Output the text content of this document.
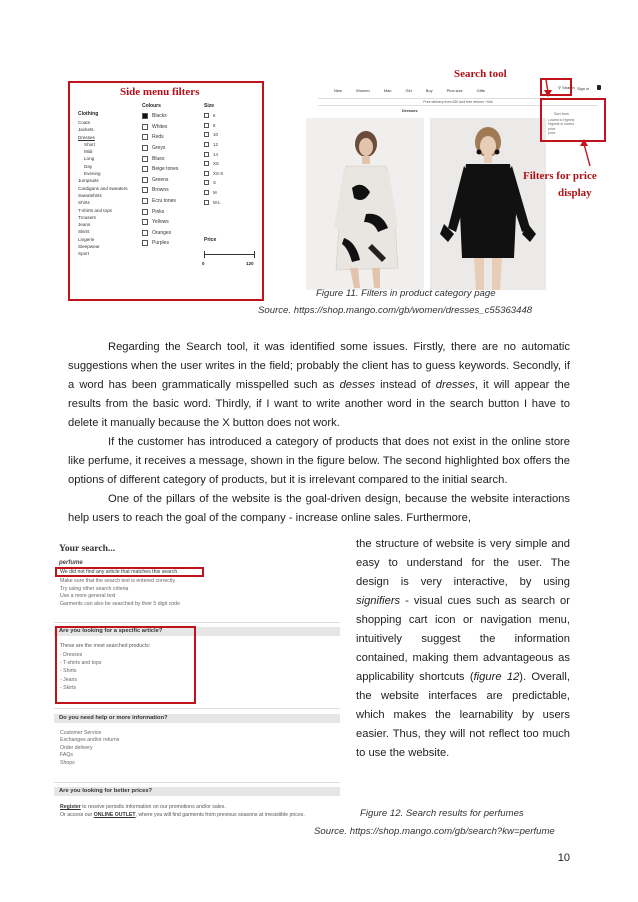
Clothing
Coats
Jackets
Dresses
Short
Midi
Long
Day
Evening
Jumpsuits
Cardigans and sweaters
Sweatshirts
Shirts
T-shirts and tops
Trousers
Jeans
Skirts
Lingerie
Sleepwear
Sport
Colours
Blacks
Whites
Reds
Greys
Blues
Beige tones
Greens
Browns
Ecru tones
Pinks
Yellows
Oranges
Purples
Size
6
8
10
12
14
XS
XS-S
S
M
M-L
Price
0	120
Side menu filters	New	Women	Man	Girl	Boy	Plus size	Gifts
Free delivery from £30 and free returns +info
Dresses
⚲ Search Sign in
Sort from
Lowest to highest
Highest to lowest
price
price
Search tool
Filters for price
display
Figure 11. Filters in product category page
Source. https://shop.mango.com/gb/women/dresses_c55363448

Regarding the Search tool, it was identified some issues. Firstly, there are no automatic suggestions when the user writes in the field; probably the client has to guess keywords. Secondly, if a word has been grammatically misspelled such as desses instead of dresses, it will appear the results from the basic word. Thirdly, if I want to write another word in the search button I have to delete it manually because the X button does not work.

If the customer has introduced a category of products that does not exist in the online store like perfume, it receives a message, shown in the figure below. The second highlighted box offers the options of different category of products, but it is irrelevant compared to the initial search.

One of the pillars of the website is the goal-driven design, because the website interactions help users to reach the goal of the company - increase online sales. Furthermore,

the structure of website is very simple and easy to understand for the user. The design is very interactive, by using signifiers - visual cues such as search or shopping cart icon or navigation menu, intuitively suggest the information contained, making them advantageous as applicability shortcuts (figure 12). Overall, the website interfaces are predictable, which makes the learnability by users easier. Thus, they will not reflect too much to use the website.

Your search...
perfume
We did not find any article that matches this search.
Make sure that the search text is entered correctly
Try using other search criteria
Use a more general text
Garments can also be searched by their 5 digit code
Are you looking for a specific article?
These are the most searched products:
- Dresses
- T-shirts and tops
- Shirts
- Jeans
- Skirts
Do you need help or more information?
Customer Service
Exchanges and/or returns
Order delivery
FAQs
Shops
Are you looking for better prices?
Register to receive periodic information on our promotions and/or sales.
Or access our ONLINE OUTLET, where you will find garments from previous seasons at irresistible prices.	Figure 12. Search results for perfumes
Source. https://shop.mango.com/gb/search?kw=perfume
10
